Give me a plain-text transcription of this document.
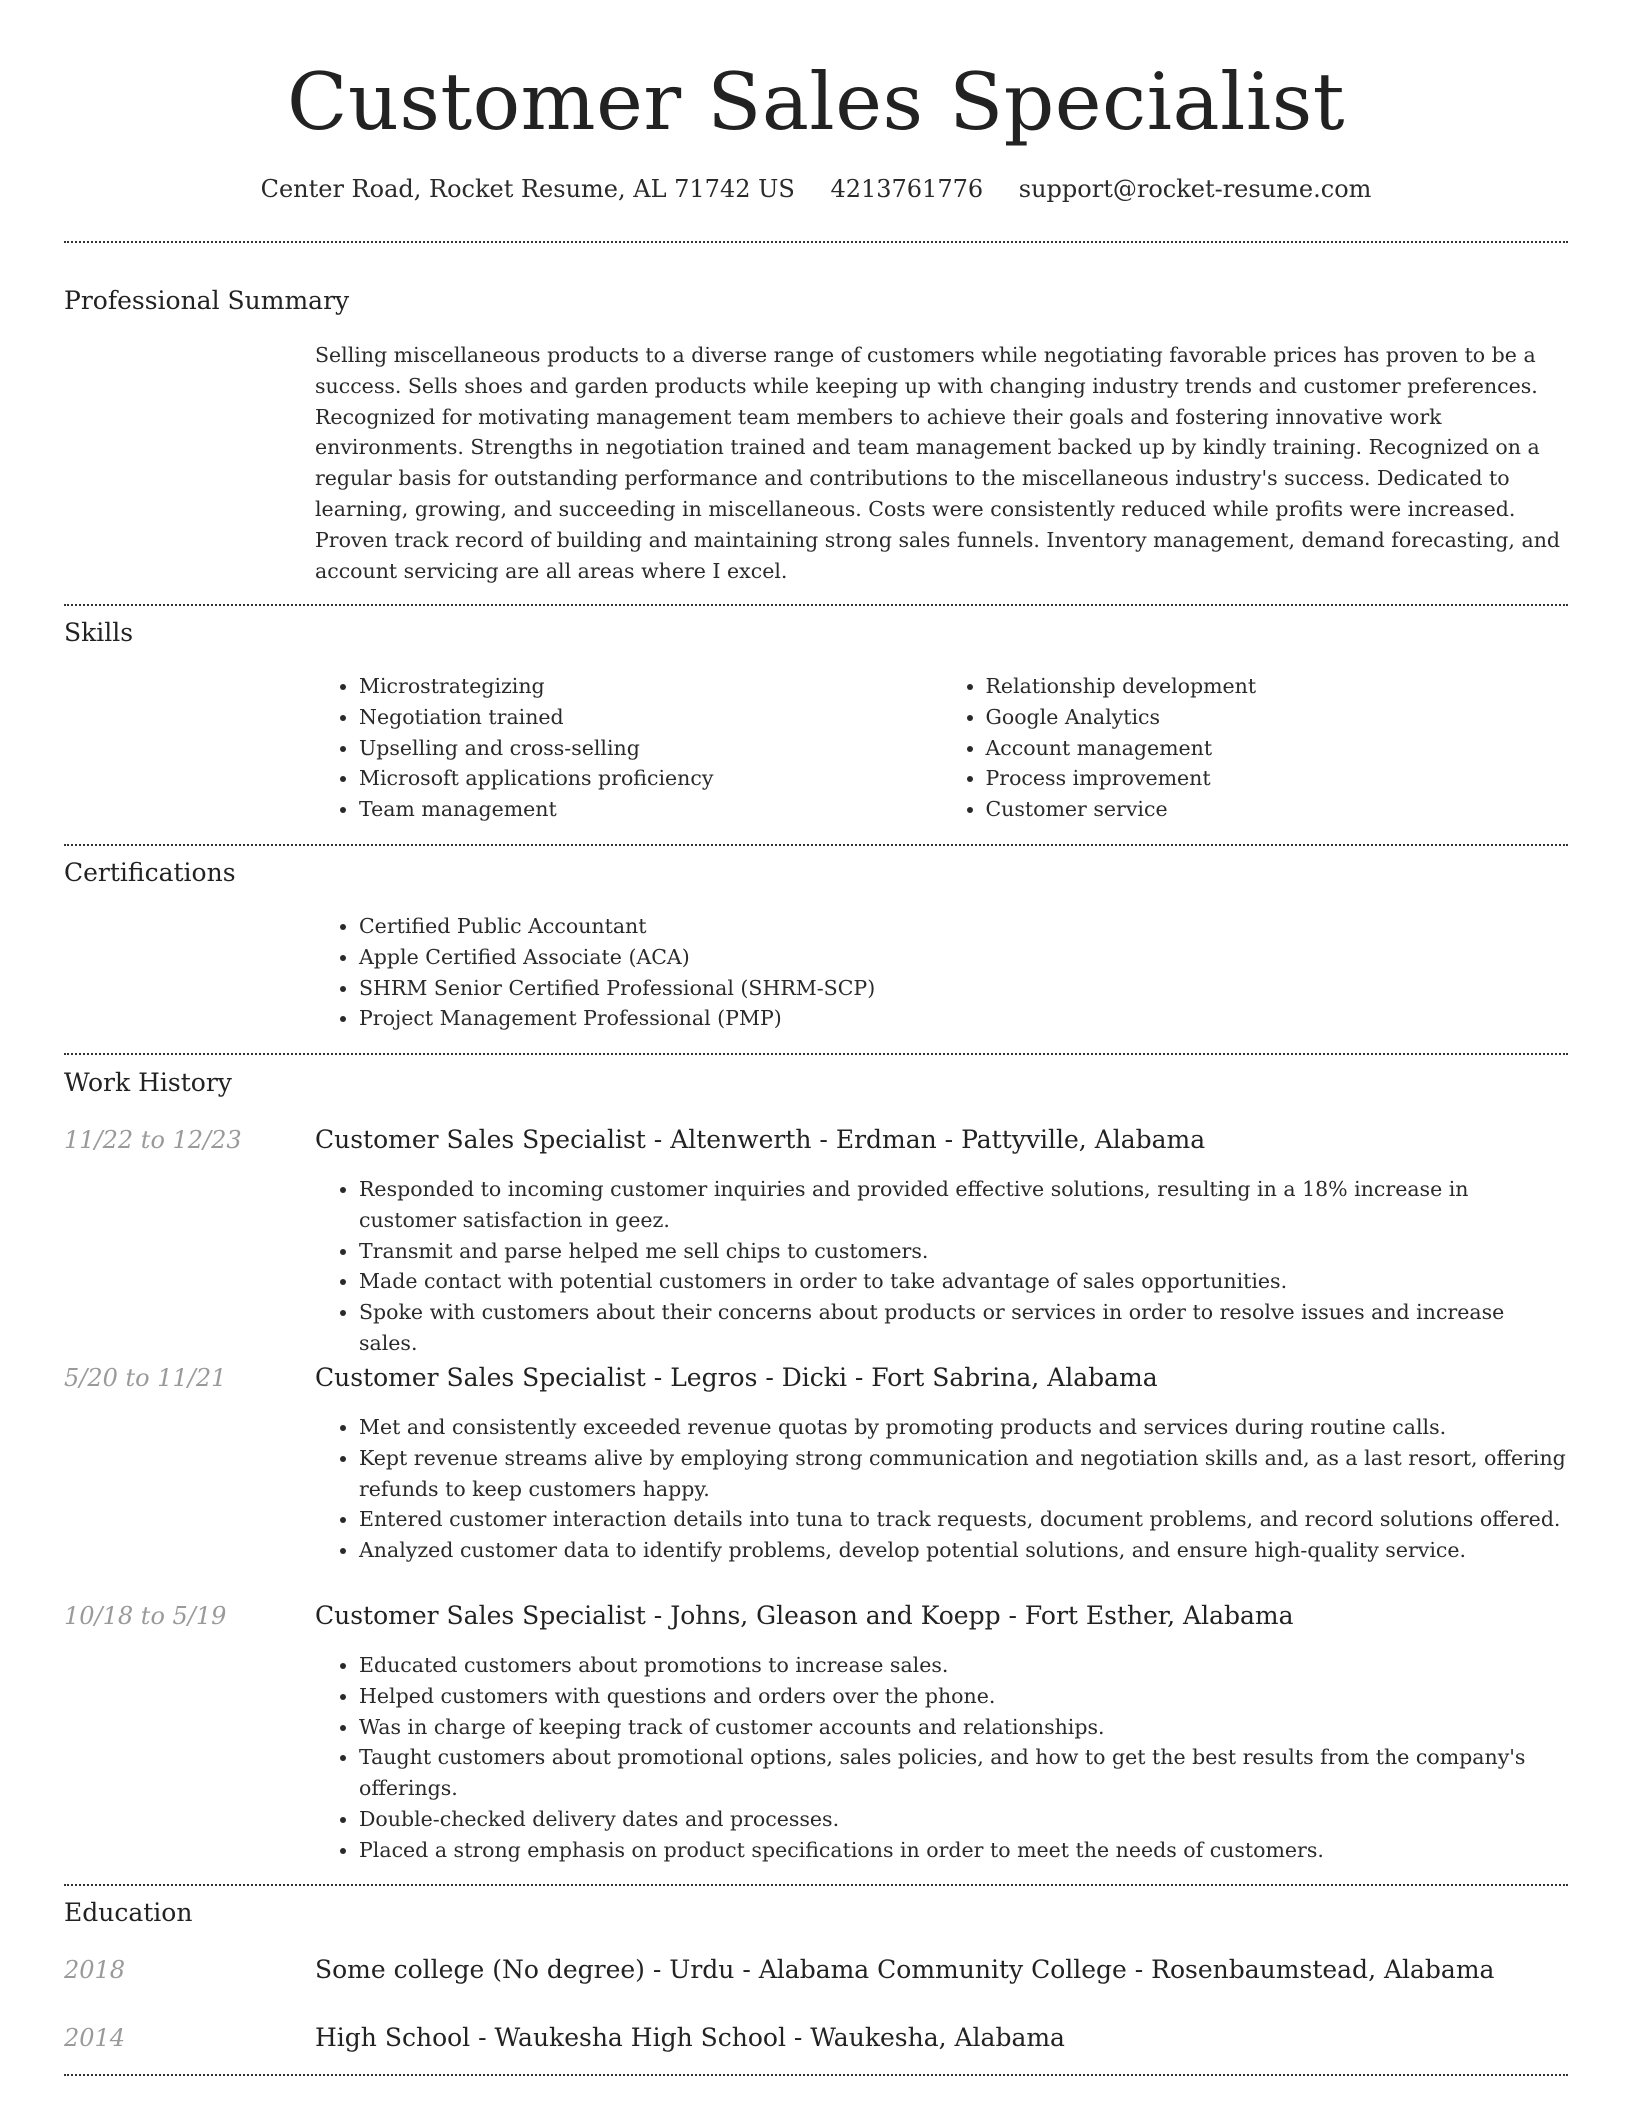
Customer Sales Specialist
Center Road, Rocket Resume, AL 71742 US 4213761776 support@rocket-resume.com
Professional Summary

Selling miscellaneous products to a diverse range of customers while negotiating favorable prices has proven to be a success. Sells shoes and garden products while keeping up with changing industry trends and customer preferences. Recognized for motivating management team members to achieve their goals and fostering innovative work environments. Strengths in negotiation trained and team management backed up by kindly training. Recognized on a regular basis for outstanding performance and contributions to the miscellaneous industry's success. Dedicated to learning, growing, and succeeding in miscellaneous. Costs were consistently reduced while profits were increased. Proven track record of building and maintaining strong sales funnels. Inventory management, demand forecasting, and account servicing are all areas where I excel.

Skills
• Microstrategizing
• Negotiation trained
• Upselling and cross-selling
• Microsoft applications proficiency
• Team management
• Relationship development
• Google Analytics
• Account management
• Process improvement
• Customer service
Certifications
• Certified Public Accountant
• Apple Certified Associate (ACA)
• SHRM Senior Certified Professional (SHRM-SCP)
• Project Management Professional (PMP)
Work History
11/22 to 12/23	Customer Sales Specialist - Altenwerth - Erdman - Pattyville, Alabama
• Responded to incoming customer inquiries and provided effective solutions, resulting in a 18% increase in customer satisfaction in geez.
• Transmit and parse helped me sell chips to customers.
• Made contact with potential customers in order to take advantage of sales opportunities.
• Spoke with customers about their concerns about products or services in order to resolve issues and increase sales.
5/20 to 11/21	Customer Sales Specialist - Legros - Dicki - Fort Sabrina, Alabama
• Met and consistently exceeded revenue quotas by promoting products and services during routine calls.
• Kept revenue streams alive by employing strong communication and negotiation skills and, as a last resort, offering refunds to keep customers happy.
• Entered customer interaction details into tuna to track requests, document problems, and record solutions offered.
• Analyzed customer data to identify problems, develop potential solutions, and ensure high-quality service.
10/18 to 5/19	Customer Sales Specialist - Johns, Gleason and Koepp - Fort Esther, Alabama
• Educated customers about promotions to increase sales.
• Helped customers with questions and orders over the phone.
• Was in charge of keeping track of customer accounts and relationships.
• Taught customers about promotional options, sales policies, and how to get the best results from the company's offerings.
• Double-checked delivery dates and processes.
• Placed a strong emphasis on product specifications in order to meet the needs of customers.
Education
2018	Some college (No degree) - Urdu - Alabama Community College - Rosenbaumstead, Alabama
2014	High School - Waukesha High School - Waukesha, Alabama
